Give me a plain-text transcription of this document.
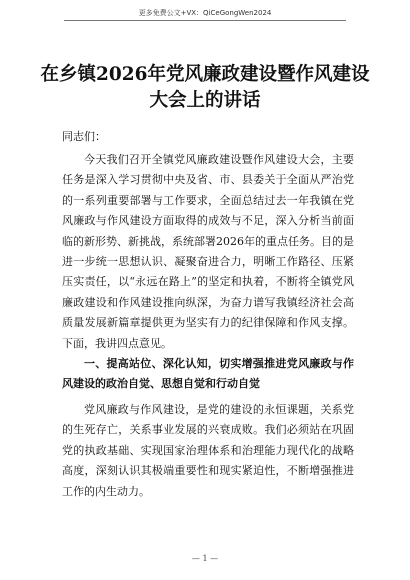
更多免费公文+VX：QiCeGongWen2024
在乡镇2026年党风廉政建设暨作风建设
大会上的讲话
同志们：

今天我们召开全镇党风廉政建设暨作风建设大会，主要任务是深入学习贯彻中央及省、市、县委关于全面从严治党的一系列重要部署与工作要求，全面总结过去一年我镇在党风廉政与作风建设方面取得的成效与不足，深入分析当前面临的新形势、新挑战，系统部署2026年的重点任务。目的是进一步统一思想认识、凝聚奋进合力，明晰工作路径、压紧压实责任，以“永远在路上”的坚定和执着，不断将全镇党风廉政建设和作风建设推向纵深，为奋力谱写我镇经济社会高质量发展新篇章提供更为坚实有力的纪律保障和作风支撑。下面，我讲四点意见。

一、提高站位、深化认知，切实增强推进党风廉政与作风建设的政治自觉、思想自觉和行动自觉

党风廉政与作风建设，是党的建设的永恒课题，关系党的生死存亡，关系事业发展的兴衰成败。我们必须站在巩固党的执政基础、实现国家治理体系和治理能力现代化的战略高度，深刻认识其极端重要性和现实紧迫性，不断增强推进工作的内生动力。

— 1 —
